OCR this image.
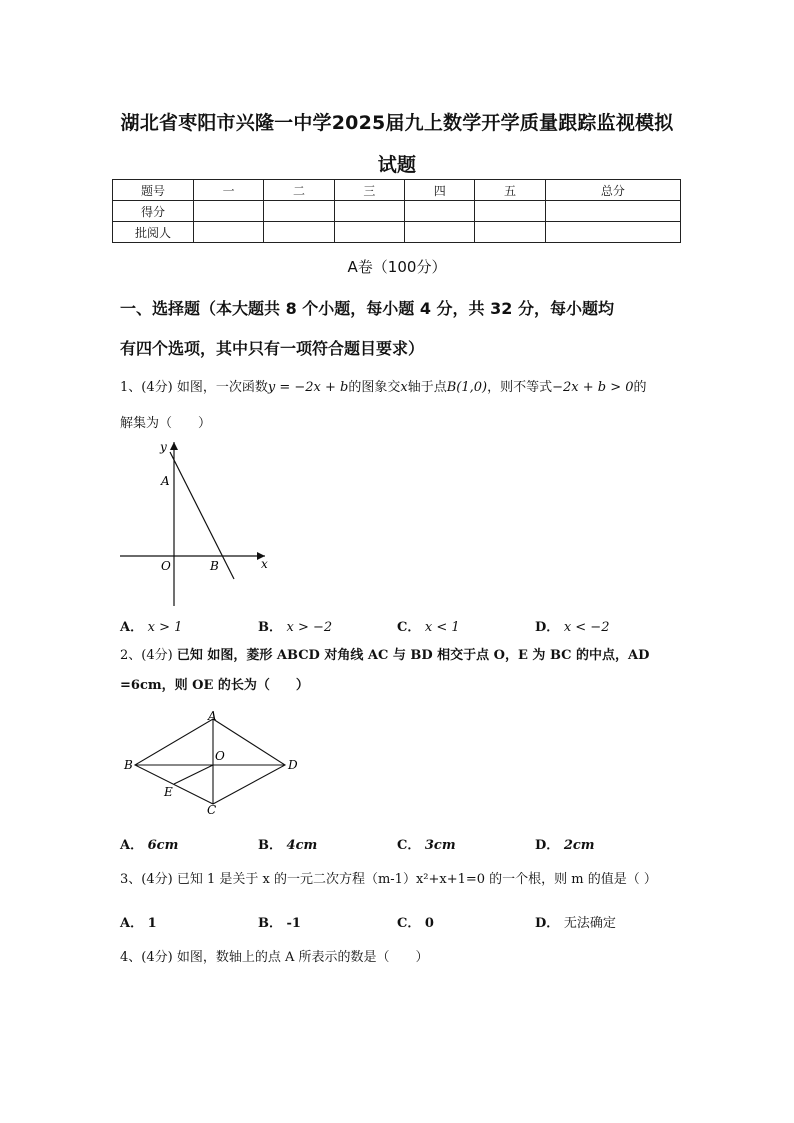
湖北省枣阳市兴隆一中学2025届九上数学开学质量跟踪监视模拟
试题
题号	一	二	三	四	五	总分
得分						
批阅人						
A卷（100分）
一、选择题（本大题共 8 个小题，每小题 4 分，共 32 分，每小题均
有四个选项，其中只有一项符合题目要求）
1、(4分) 如图，一次函数y = −2x + b的图象交x轴于点B(1,0)，则不等式−2x + b > 0的
解集为（　　）
y
x
A
O	B
A． x > 1	B． x > −2	C． x < 1	D． x < −2
2、(4分) 已知 如图，菱形 ABCD 对角线 AC 与 BD 相交于点 O，E 为 BC 的中点，AD
=6cm，则 OE 的长为（　　）
A
B
C
D
O
E
A． 6cm	B． 4cm	C． 3cm	D． 2cm
3、(4分) 已知 1 是关于 x 的一元二次方程（m-1）x²+x+1=0 的一个根，则 m 的值是（ ）
A． 1	B． -1	C． 0	D． 无法确定
4、(4分) 如图，数轴上的点 A 所表示的数是（　　）
